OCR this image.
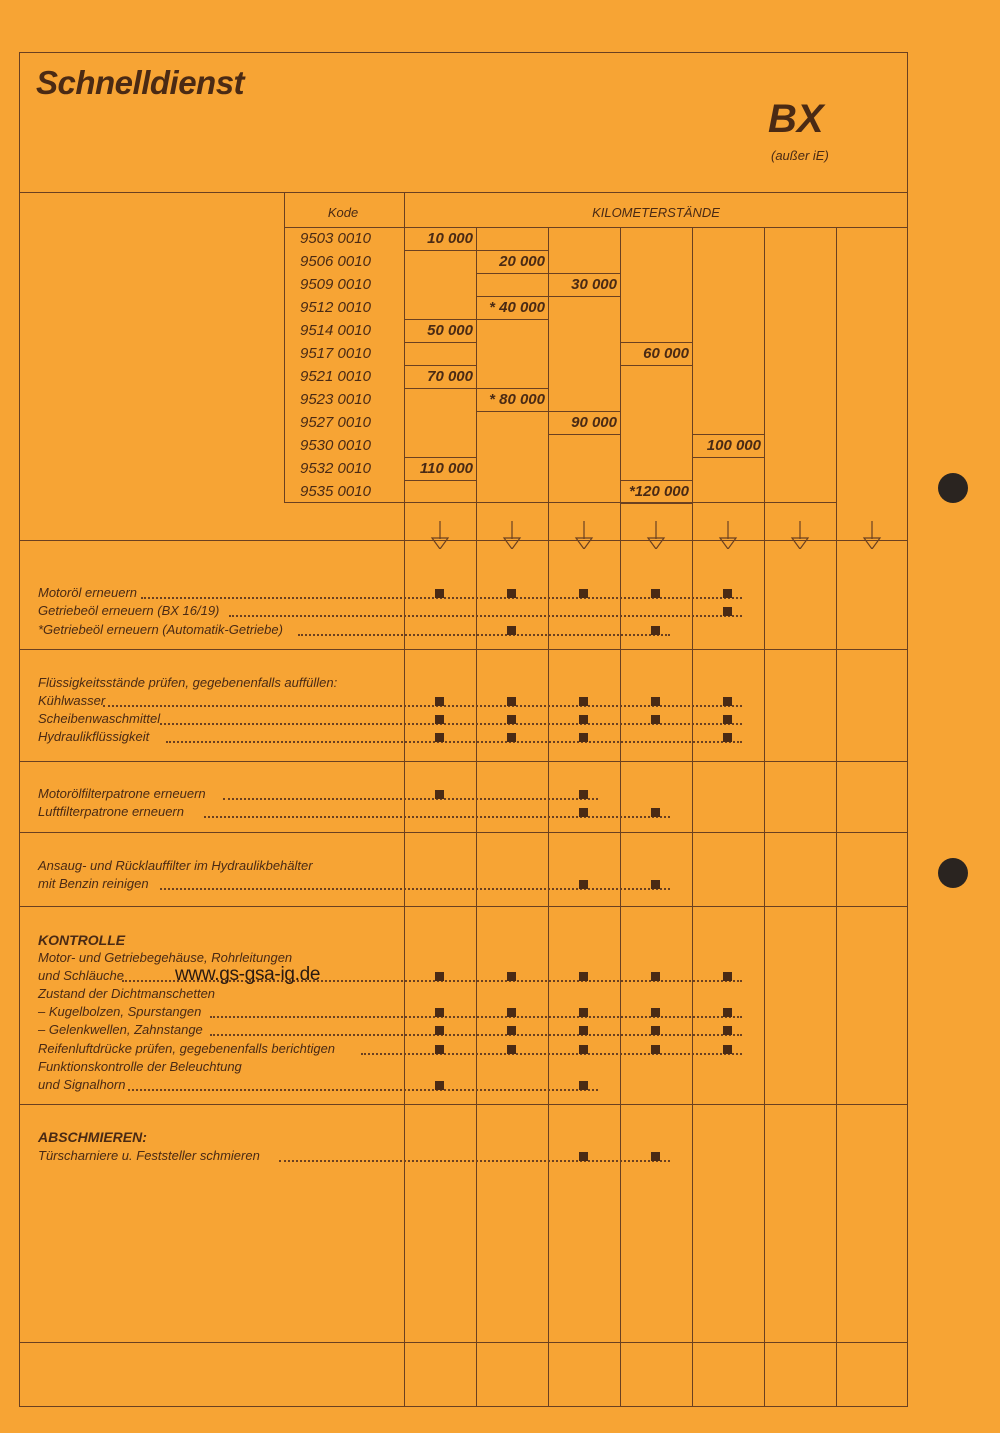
Schnelldienst
BX
(außer iE)
Kode	KILOMETERSTÄNDE
9503 0010
9506 0010
9509 0010
9512 0010
9514 0010
9517 0010
9521 0010
9523 0010
9527 0010
9530 0010
9532 0010
9535 0010
10 000
20 000
30 000
* 40 000
50 000
60 000
70 000
* 80 000
90 000
100 000
110 000
*120 000
Motoröl erneuern
Getriebeöl erneuern (BX 16/19)
*Getriebeöl erneuern (Automatik-Getriebe)
Flüssigkeitsstände prüfen, gegebenenfalls auffüllen:
Kühlwasser
Scheibenwaschmittel
Hydraulikflüssigkeit
Motorölfilterpatrone erneuern
Luftfilterpatrone erneuern
Ansaug- und Rücklauffilter im Hydraulikbehälter
mit Benzin reinigen
KONTROLLE
Motor- und Getriebegehäuse, Rohrleitungen
und Schläuche
Zustand der Dichtmanschetten
– Kugelbolzen, Spurstangen
– Gelenkwellen, Zahnstange
Reifenluftdrücke prüfen, gegebenenfalls berichtigen
Funktionskontrolle der Beleuchtung
und Signalhorn
ABSCHMIEREN:
Türscharniere u. Feststeller schmieren
www.gs-gsa-ig.de
